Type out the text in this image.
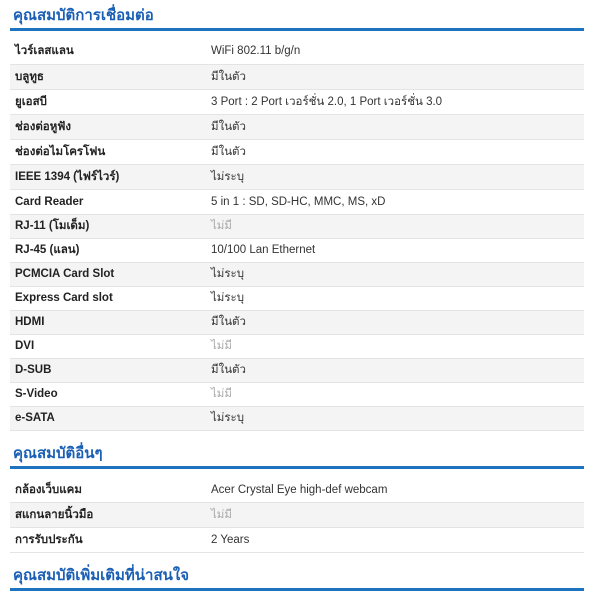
คุณสมบัติการเชื่อมต่อ
ไวร์เลสแลน	WiFi 802.11 b/g/n
บลูทูธ	มีในตัว
ยูเอสบี	3 Port : 2 Port เวอร์ชั่น 2.0, 1 Port เวอร์ชั่น 3.0
ช่องต่อหูฟัง	มีในตัว
ช่องต่อไมโครโฟน	มีในตัว
IEEE 1394 (ไฟร์ไวร์)	ไม่ระบุ
Card Reader	5 in 1 : SD, SD-HC, MMC, MS, xD
RJ-11 (โมเด็ม)	ไม่มี
RJ-45 (แลน)	10/100 Lan Ethernet
PCMCIA Card Slot	ไม่ระบุ
Express Card slot	ไม่ระบุ
HDMI	มีในตัว
DVI	ไม่มี
D-SUB	มีในตัว
S-Video	ไม่มี
e-SATA	ไม่ระบุ
คุณสมบัติอื่นๆ
กล้องเว็บแคม	Acer Crystal Eye high-def webcam
สแกนลายนิ้วมือ	ไม่มี
การรับประกัน	2 Years
คุณสมบัติเพิ่มเติมที่น่าสนใจ
